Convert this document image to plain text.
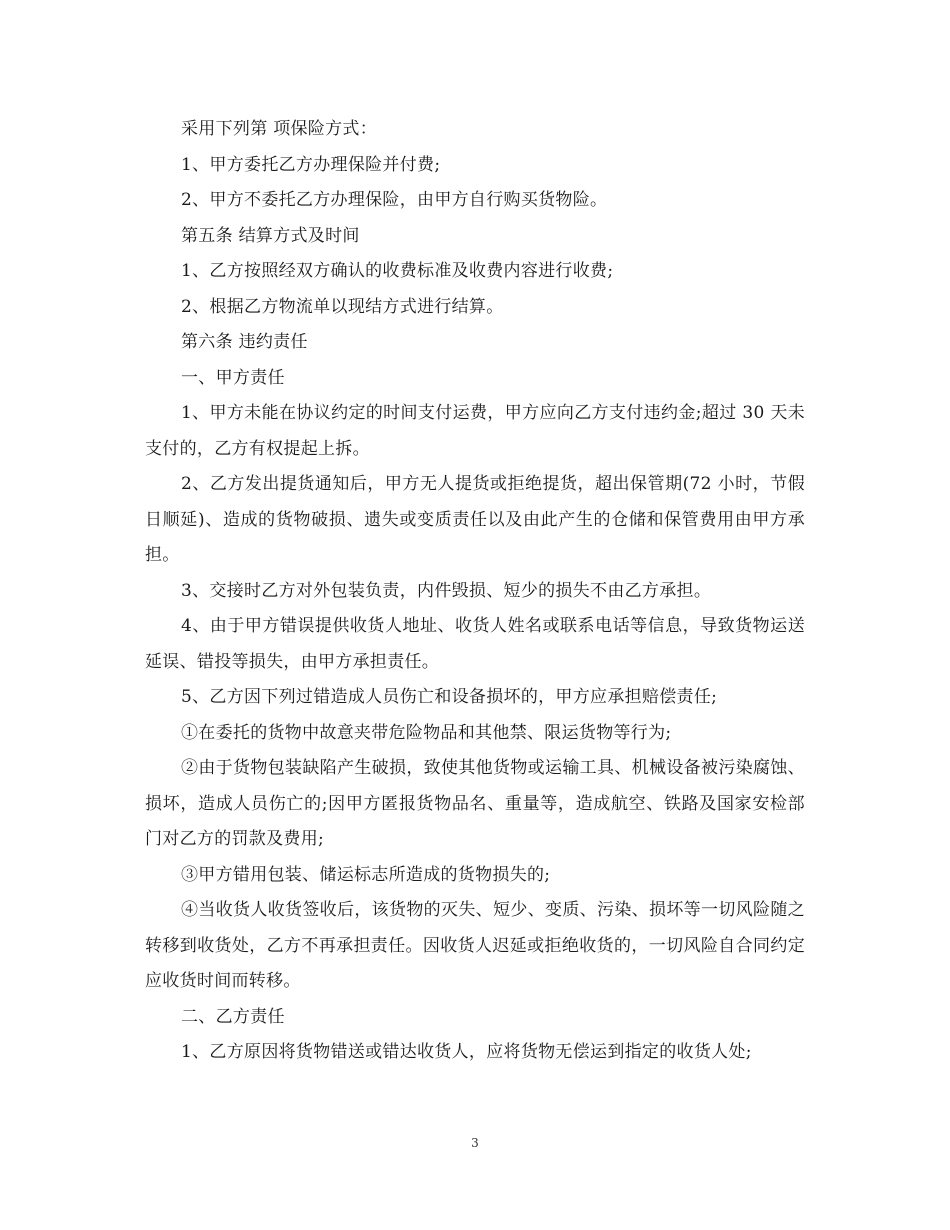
采用下列第 项保险方式：

1、甲方委托乙方办理保险并付费;

2、甲方不委托乙方办理保险，由甲方自行购买货物险。

第五条 结算方式及时间

1、乙方按照经双方确认的收费标准及收费内容进行收费;

2、根据乙方物流单以现结方式进行结算。

第六条 违约责任

一、甲方责任

1、甲方未能在协议约定的时间支付运费，甲方应向乙方支付违约金;超过 30 天未支付的，乙方有权提起上拆。

2、乙方发出提货通知后，甲方无人提货或拒绝提货，超出保管期(72 小时，节假日顺延)、造成的货物破损、遗失或变质责任以及由此产生的仓储和保管费用由甲方承担。

3、交接时乙方对外包装负责，内件毁损、短少的损失不由乙方承担。

4、由于甲方错误提供收货人地址、收货人姓名或联系电话等信息，导致货物运送延误、错投等损失，由甲方承担责任。

5、乙方因下列过错造成人员伤亡和设备损坏的，甲方应承担赔偿责任;

①在委托的货物中故意夹带危险物品和其他禁、限运货物等行为;

②由于货物包装缺陷产生破损，致使其他货物或运输工具、机械设备被污染腐蚀、损坏，造成人员伤亡的;因甲方匿报货物品名、重量等，造成航空、铁路及国家安检部门对乙方的罚款及费用;

③甲方错用包装、储运标志所造成的货物损失的;

④当收货人收货签收后，该货物的灭失、短少、变质、污染、损坏等一切风险随之转移到收货处，乙方不再承担责任。因收货人迟延或拒绝收货的，一切风险自合同约定应收货时间而转移。

二、乙方责任

1、乙方原因将货物错送或错达收货人，应将货物无偿运到指定的收货人处;

3
